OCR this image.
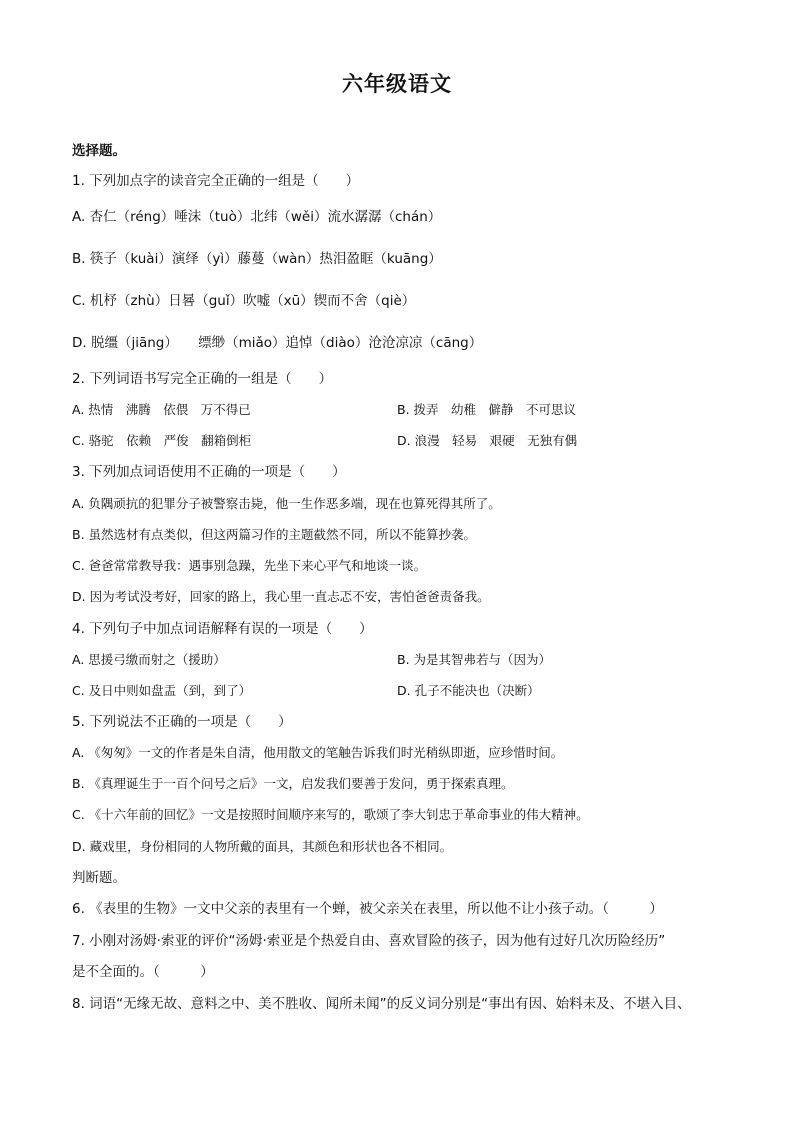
六年级语文
选择题。
1. 下列加点字的读音完全正确的一组是（　　）
A. 杏仁（réng）唾沫（tuò）北纬（wěi）流水潺潺（chán）
B. 筷子（kuài）演绎（yì）藤蔓（wàn）热泪盈眶（kuāng）
C. 机杼（zhù）日晷（guǐ）吹嘘（xū）锲而不舍（qiè）
D. 脱缰（jiāng）　　缥缈（miǎo）追悼（diào）沧沧凉凉（cāng）
2. 下列词语书写完全正确的一组是（　　）
A. 热情　沸腾　依偎　万不得已	B. 拨弄　幼稚　僻静　不可思议
C. 骆驼　依赖　严俊　翻箱倒柜	D. 浪漫　轻易　艰硬　无独有偶
3. 下列加点词语使用不正确的一项是（　　）
A. 负隅顽抗的犯罪分子被警察击毙，他一生作恶多端，现在也算死得其所了。
B. 虽然选材有点类似，但这两篇习作的主题截然不同，所以不能算抄袭。
C. 爸爸常常教导我：遇事别急躁，先坐下来心平气和地谈一谈。
D. 因为考试没考好，回家的路上，我心里一直忐忑不安，害怕爸爸责备我。
4. 下列句子中加点词语解释有误的一项是（　　）
A. 思援弓缴而射之（援助）	B. 为是其智弗若与（因为）
C. 及日中则如盘盂（到，到了）	D. 孔子不能决也（决断）
5. 下列说法不正确的一项是（　　）
A. 《匆匆》一文的作者是朱自清，他用散文的笔触告诉我们时光稍纵即逝，应珍惜时间。
B. 《真理诞生于一百个问号之后》一文，启发我们要善于发问，勇于探索真理。
C. 《十六年前的回忆》一文是按照时间顺序来写的，歌颂了李大钊忠于革命事业的伟大精神。
D. 藏戏里，身份相同的人物所戴的面具，其颜色和形状也各不相同。
判断题。
6. 《表里的生物》一文中父亲的表里有一个蝉，被父亲关在表里，所以他不让小孩子动。（　　　）
7. 小刚对汤姆·索亚的评价“汤姆·索亚是个热爱自由、喜欢冒险的孩子，因为他有过好几次历险经历”
是不全面的。（　　　）
8. 词语“无缘无故、意料之中、美不胜收、闻所未闻”的反义词分别是“事出有因、始料未及、不堪入目、
